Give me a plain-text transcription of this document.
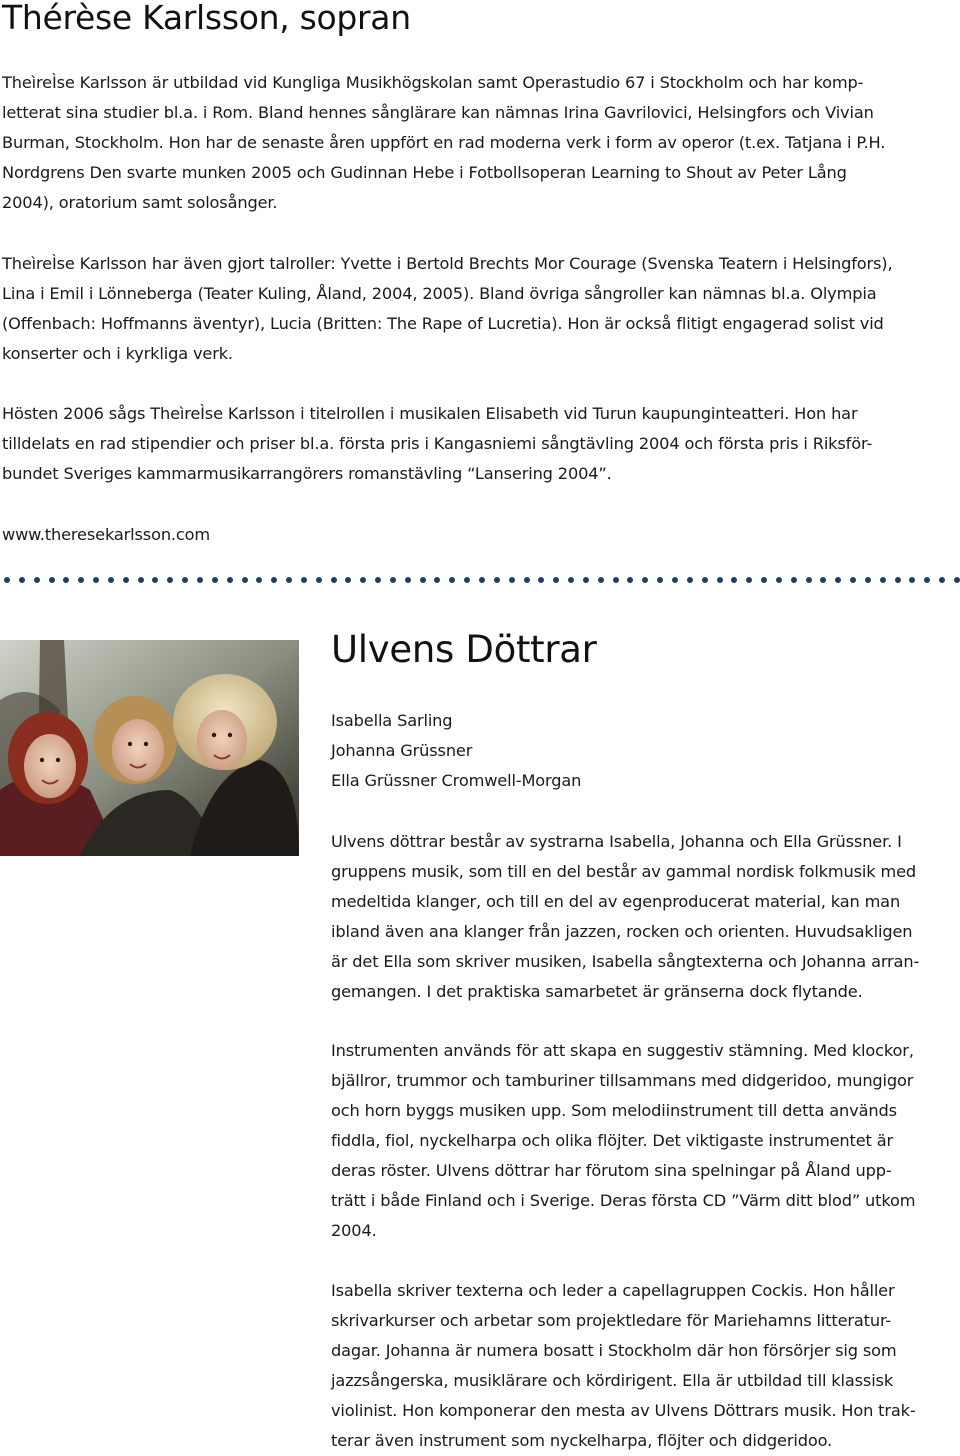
Thérèse Karlsson, sopran

TheìreÌse Karlsson är utbildad vid Kungliga Musikhögskolan samt Operastudio 67 i Stockholm och har komp-
letterat sina studier bl.a. i Rom. Bland hennes sånglärare kan nämnas Irina Gavrilovici, Helsingfors och Vivian
Burman, Stockholm. Hon har de senaste åren uppfört en rad moderna verk i form av operor (t.ex. Tatjana i P.H.
Nordgrens Den svarte munken 2005 och Gudinnan Hebe i Fotbollsoperan Learning to Shout av Peter Lång
2004), oratorium samt solosånger.

TheìreÌse Karlsson har även gjort talroller: Yvette i Bertold Brechts Mor Courage (Svenska Teatern i Helsingfors),
Lina i Emil i Lönneberga (Teater Kuling, Åland, 2004, 2005). Bland övriga sångroller kan nämnas bl.a. Olympia
(Offenbach: Hoffmanns äventyr), Lucia (Britten: The Rape of Lucretia). Hon är också flitigt engagerad solist vid
konserter och i kyrkliga verk.

Hösten 2006 sågs TheìreÌse Karlsson i titelrollen i musikalen Elisabeth vid Turun kaupunginteatteri. Hon har
tilldelats en rad stipendier och priser bl.a. första pris i Kangasniemi sångtävling 2004 och första pris i Riksför-
bundet Sveriges kammarmusikarrangörers romanstävling “Lansering 2004”.

www.theresekarlsson.com

Ulvens Döttrar
Isabella Sarling
Johanna Grüssner
Ella Grüssner Cromwell-Morgan

Ulvens döttrar består av systrarna Isabella, Johanna och Ella Grüssner. I
gruppens musik, som till en del består av gammal nordisk folkmusik med
medeltida klanger, och till en del av egenproducerat material, kan man
ibland även ana klanger från jazzen, rocken och orienten. Huvudsakligen
är det Ella som skriver musiken, Isabella sångtexterna och Johanna arran-
gemangen. I det praktiska samarbetet är gränserna dock flytande.

Instrumenten används för att skapa en suggestiv stämning. Med klockor,
bjällror, trummor och tamburiner tillsammans med didgeridoo, mungigor
och horn byggs musiken upp. Som melodiinstrument till detta används
fiddla, fiol, nyckelharpa och olika flöjter. Det viktigaste instrumentet är
deras röster. Ulvens döttrar har förutom sina spelningar på Åland upp-
trätt i både Finland och i Sverige. Deras första CD ”Värm ditt blod” utkom
2004.

Isabella skriver texterna och leder a capellagruppen Cockis. Hon håller
skrivarkurser och arbetar som projektledare för Mariehamns litteratur-
dagar. Johanna är numera bosatt i Stockholm där hon försörjer sig som
jazzsångerska, musiklärare och kördirigent. Ella är utbildad till klassisk
violinist. Hon komponerar den mesta av Ulvens Döttrars musik. Hon trak-
terar även instrument som nyckelharpa, flöjter och didgeridoo.
